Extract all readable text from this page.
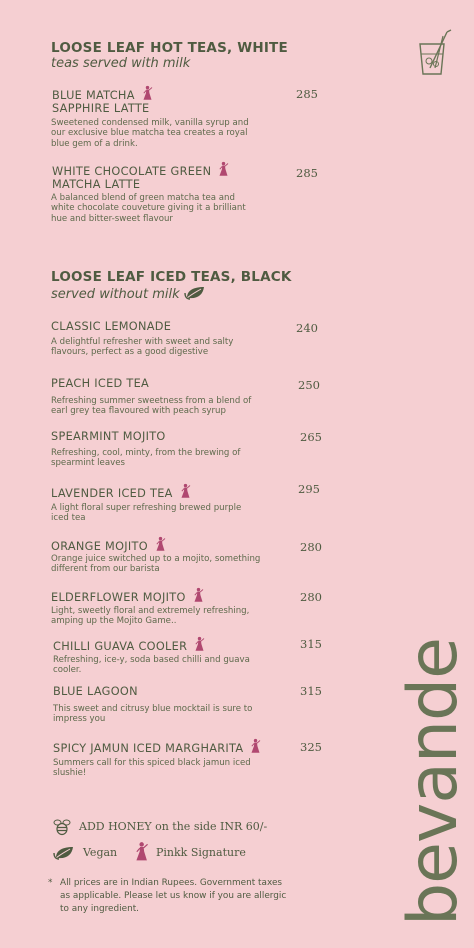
LOOSE LEAF HOT TEAS, WHITE
teas served with milk
BLUE MATCHA
SAPPHIRE LATTE
285
Sweetened condensed milk, vanilla syrup and our exclusive blue matcha tea creates a royal blue gem of a drink.
WHITE CHOCOLATE GREEN
MATCHA LATTE
285
A balanced blend of green matcha tea and white chocolate couveture giving it a brilliant hue and bitter-sweet flavour
LOOSE LEAF ICED TEAS, BLACK
served without milk
CLASSIC LEMONADE	240
A delightful refresher with sweet and salty flavours, perfect as a good digestive
PEACH ICED TEA	250
Refreshing summer sweetness from a blend of earl grey tea flavoured with peach syrup
SPEARMINT MOJITO	265
Refreshing, cool, minty, from the brewing of spearmint leaves
LAVENDER ICED TEA	295
A light floral super refreshing brewed purple iced tea
ORANGE MOJITO	280
Orange juice switched up to a mojito, something different from our barista
ELDERFLOWER MOJITO	280
Light, sweetly floral and extremely refreshing, amping up the Mojito Game..
CHILLI GUAVA COOLER	315
Refreshing, ice-y, soda based chilli and guava cooler.
BLUE LAGOON	315
This sweet and citrusy blue mocktail is sure to impress you
SPICY JAMUN ICED MARGHARITA	325
Summers call for this spiced black jamun iced slushie!
ADD HONEY on the side INR 60/-
Vegan	Pinkk Signature
* All prices are in Indian Rupees. Government taxes as applicable. Please let us know if you are allergic to any ingredient.	bevande
